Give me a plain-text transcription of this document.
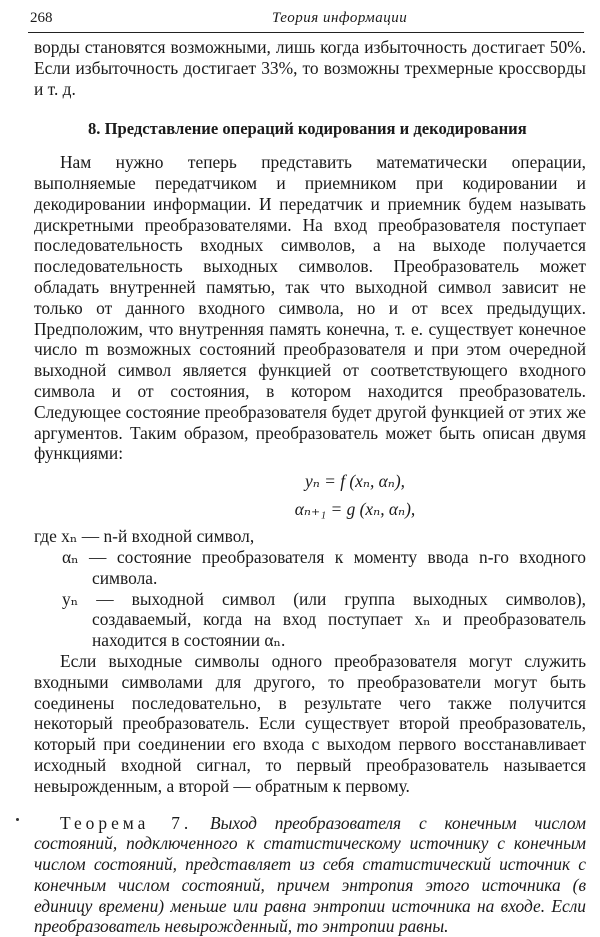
268	Теория информации

ворды становятся возможными, лишь когда избыточность достигает 50%. Если избыточность достигает 33%, то возможны трехмерные кроссворды и т. д.

8. Представление операций кодирования и декодирования

Нам нужно теперь представить математически операции, выполняемые передатчиком и приемником при кодировании и декодировании информации. И передатчик и приемник будем называть дискретными преобразователями. На вход преобразователя поступает последовательность входных символов, а на выходе получается последовательность выходных символов. Преобразователь может обладать внутренней памятью, так что выходной символ зависит не только от данного входного символа, но и от всех предыдущих. Предположим, что внутренняя память конечна, т. е. существует конечное число m возможных состояний преобразователя и при этом очередной выходной символ является функцией от соответствующего входного символа и от состояния, в котором находится преобразователь. Следующее состояние преобразователя будет другой функцией от этих же аргументов. Таким образом, преобразователь может быть описан двумя функциями:

yₙ = f (xₙ, αₙ),
αₙ₊₁ = g (xₙ, αₙ),

где xₙ — n-й входной символ,

αₙ — состояние преобразователя к моменту ввода n-го входного символа.

yₙ — выходной символ (или группа выходных символов), создаваемый, когда на вход поступает xₙ и преобразователь находится в состоянии αₙ.

Если выходные символы одного преобразователя могут служить входными символами для другого, то преобразователи могут быть соединены последовательно, в результате чего также получится некоторый преобразователь. Если существует второй преобразователь, который при соединении его входа с выходом первого восстанавливает исходный входной сигнал, то первый преобразователь называется невырожденным, а второй — обратным к первому.

Теорема 7. Выход преобразователя с конечным числом состояний, подключенного к статистическому источнику с конечным числом состояний, представляет из себя статистический источник с конечным числом состояний, причем энтропия этого источника (в единицу времени) меньше или равна энтропии источника на входе. Если преобразователь невырожденный, то энтропии равны.
